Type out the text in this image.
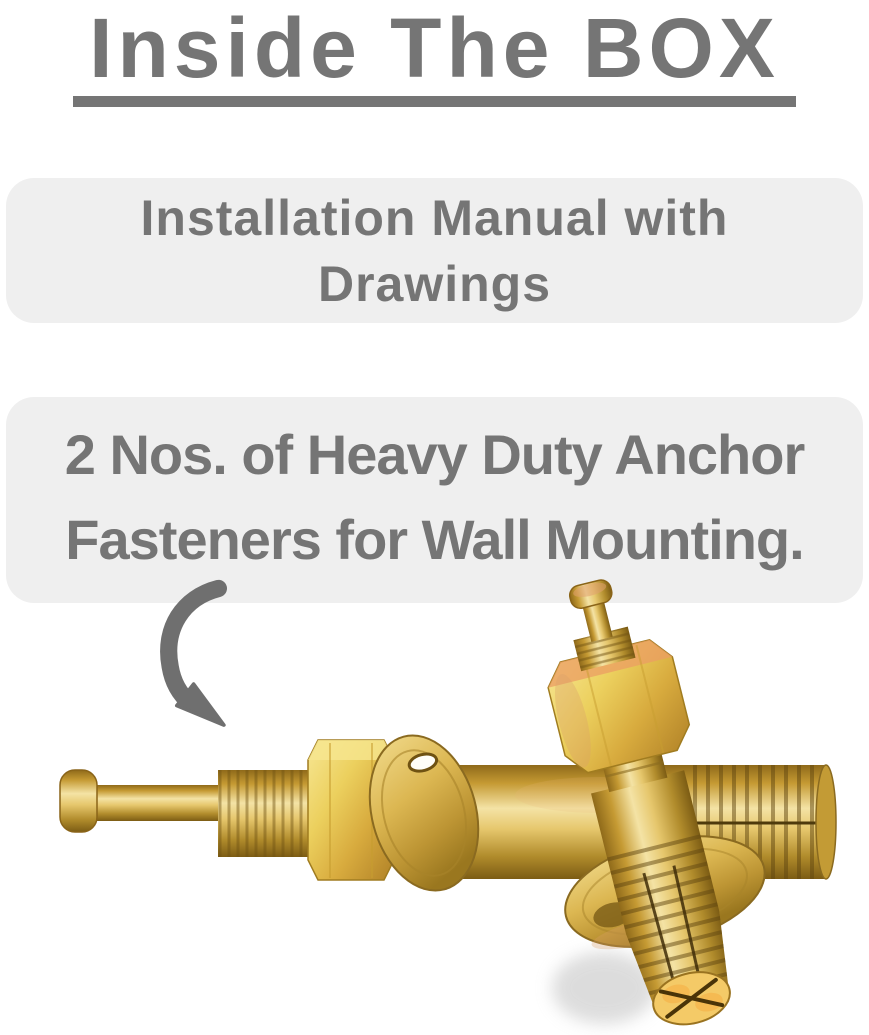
Inside The BOX
Installation Manual with
Drawings
2 Nos. of Heavy Duty Anchor
Fasteners for Wall Mounting.
